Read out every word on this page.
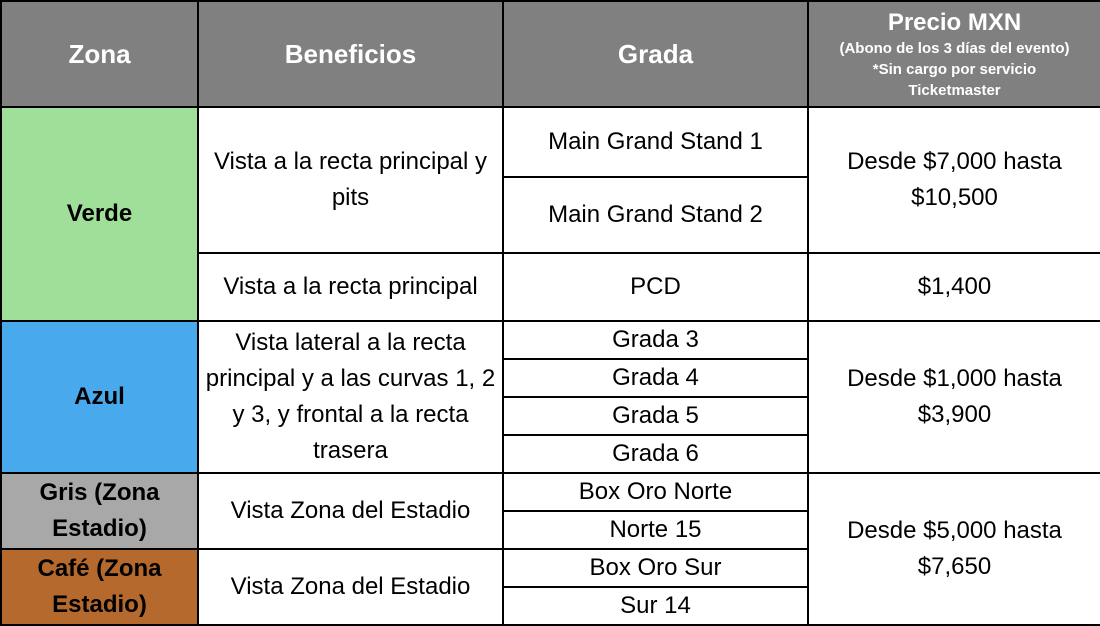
Zona	Beneficios	Grada	Precio MXN
(Abono de los 3 días del evento)
*Sin cargo por servicio
Ticketmaster

Verde	Vista a la recta principal y pits	Main Grand Stand 1	Desde $7,000 hasta $10,500
		Main Grand Stand 2	
	Vista a la recta principal	PCD	$1,400
Azul	Vista lateral a la recta principal y a las curvas 1, 2 y 3, y frontal a la recta trasera	Grada 3	Desde $1,000 hasta $3,900
		Grada 4	
		Grada 5	
		Grada 6	
Gris (Zona Estadio)	Vista Zona del Estadio	Box Oro Norte	Desde $5,000 hasta $7,650
		Norte 15	
Café (Zona Estadio)	Vista Zona del Estadio	Box Oro Sur	
		Sur 14	
